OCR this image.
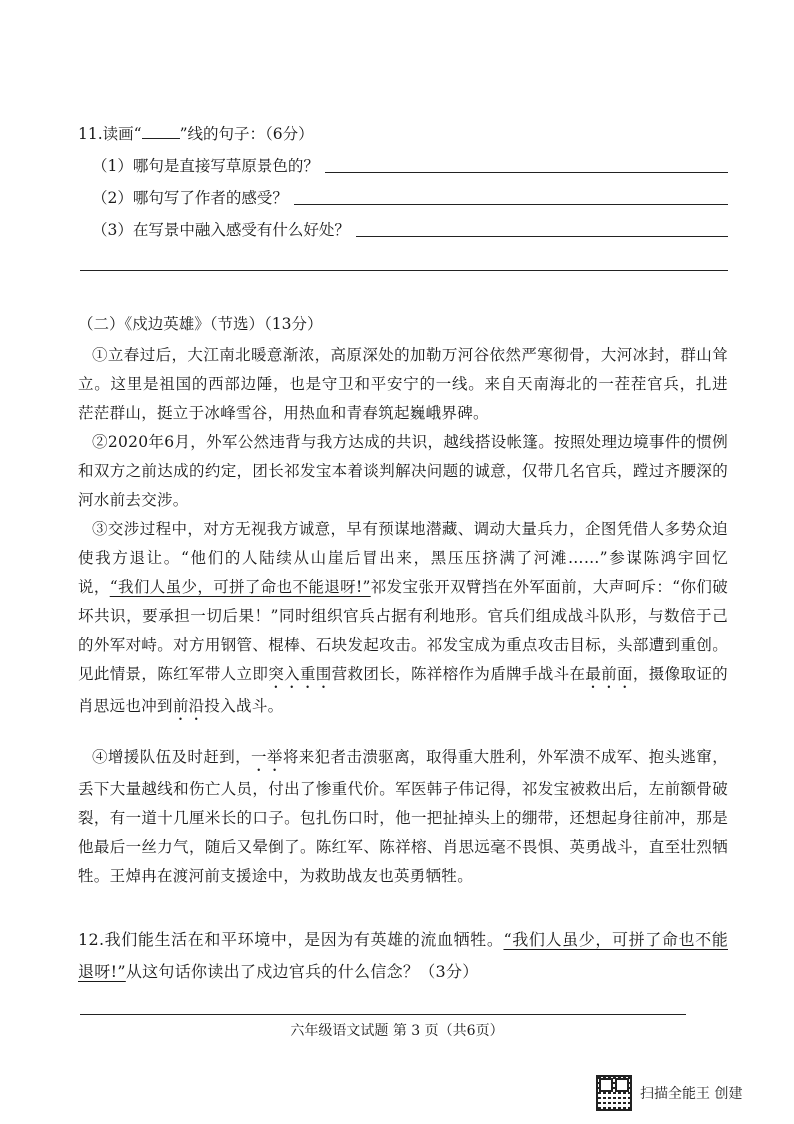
11.读画“ ”线的句子：（6分）
（1）哪句是直接写草原景色的？
（2）哪句写了作者的感受？
（3）在写景中融入感受有什么好处？
（二）《戍边英雄》（节选）（13分）
①立春过后，大江南北暖意渐浓，高原深处的加勒万河谷依然严寒彻骨，大河冰封，群山耸立。这里是祖国的西部边陲，也是守卫和平安宁的一线。来自天南海北的一茬茬官兵，扎进 茫茫群山，挺立于冰峰雪谷，用热血和青春筑起巍峨界碑。
②2020年6月，外军公然违背与我方达成的共识，越线搭设帐篷。按照处理边境事件的惯例和双方之前达成的约定，团长祁发宝本着谈判解决问题的诚意，仅带几名官兵，蹚过齐腰深的河水前去交涉。
③交涉过程中，对方无视我方诚意，早有预谋地潜藏、调动大量兵力，企图凭借人多势众迫使我方退让。“他们的人陆续从山崖后冒出来，黑压压挤满了河滩……”参谋陈鸿宇回忆说，“我们人虽少，可拼了命也不能退呀!”祁发宝张开双臂挡在外军面前，大声呵斥：“你们破坏共识，要承担一切后果！”同时组织官兵占据有利地形。官兵们组成战斗队形，与数倍于己的外军对峙。对方用钢管、棍棒、石块发起攻击。祁发宝成为重点攻击目标，头部遭到重创。见此情景，陈红军带人立即突入重围营救团长，陈祥榕作为盾牌手战斗在最前面，摄像取证的肖思远也冲到前沿投入战斗。
④增援队伍及时赶到，一举将来犯者击溃驱离，取得重大胜利，外军溃不成军、抱头逃窜，丢下大量越线和伤亡人员，付出了惨重代价。军医韩子伟记得，祁发宝被救出后，左前额骨破裂，有一道十几厘米长的口子。包扎伤口时，他一把扯掉头上的绷带，还想起身往前冲，那是他最后一丝力气，随后又晕倒了。陈红军、陈祥榕、肖思远毫不畏惧、英勇战斗，直至壮烈牺牲。王焯冉在渡河前支援途中，为救助战友也英勇牺牲。
12.我们能生活在和平环境中，是因为有英雄的流血牺牲。“我们人虽少，可拼了命也不能退呀!”从这句话你读出了戍边官兵的什么信念？（3分）
六年级语文试题 第 3 页（共6页）
扫描全能王 创建
